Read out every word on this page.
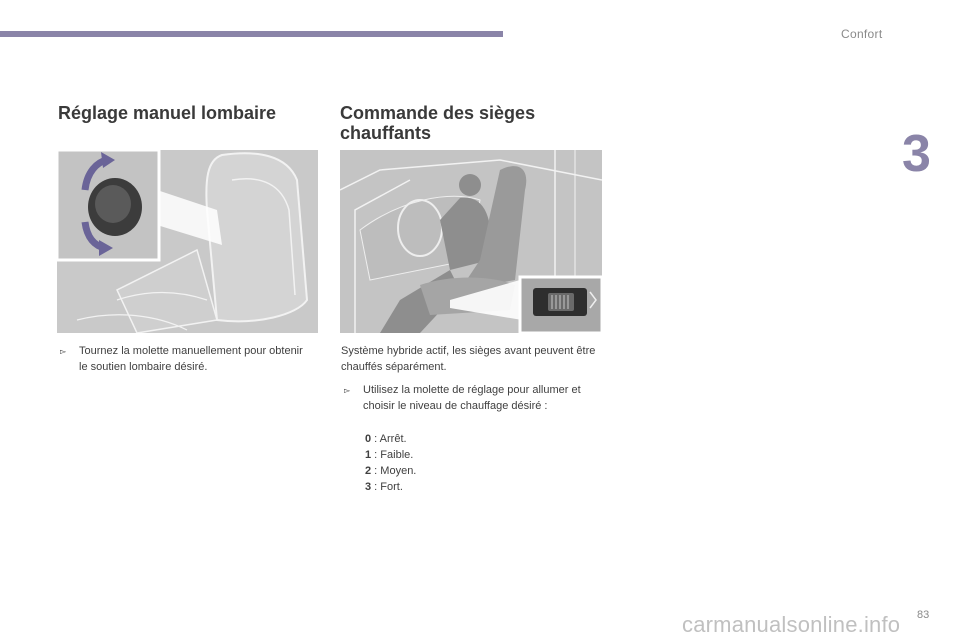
Confort
3
Réglage manuel lombaire
▻ Tournez la molette manuellement pour obtenir le soutien lombaire désiré.

Commande des sièges chauffants

Système hybride actif, les sièges avant peuvent être chauffés séparément.

▻ Utilisez la molette de réglage pour allumer et choisir le niveau de chauffage désiré :

0 : Arrêt.
1 : Faible.
2 : Moyen.
3 : Fort.
carmanualsonline.info 83
